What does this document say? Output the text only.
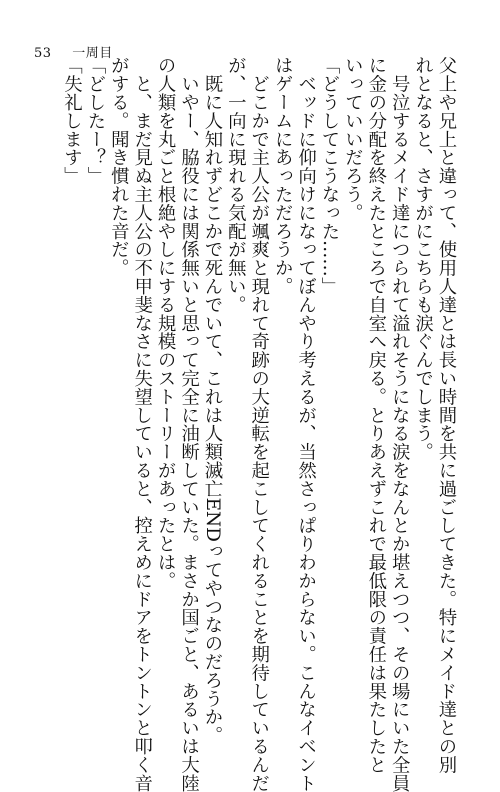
53 一周目

父上や兄上と違って、使用人達とは長い時間を共に過ごしてきた。特にメイド達との別

れとなると、さすがにこちらも涙ぐんでしまう。

　号泣するメイド達につられて溢れそうになる涙をなんとか堪えつつ、その場にいた全員

に金の分配を終えたところで自室へ戻る。とりあえずこれで最低限の責任は果たしたと

いっていいだろう。

「どうしてこうなった……」

　ベッドに仰向けになってぼんやり考えるが、当然さっぱりわからない。こんなイベント

はゲームにあっただろうか。

　どこかで主人公が颯爽と現れて奇跡の大逆転を起こしてくれることを期待しているんだ

が、一向に現れる気配が無い。

　既に人知れずどこかで死んでいて、これは人類滅亡ENDってやつなのだろうか。

　いやー、脇役には関係無いと思って完全に油断していた。まさか国ごと、あるいは大陸

の人類を丸ごと根絶やしにする規模のストーリーがあったとは。

　と、まだ見ぬ主人公の不甲斐なさに失望していると、控えめにドアをトントンと叩く音

がする。聞き慣れた音だ。

「どしたー？」

「失礼します」
